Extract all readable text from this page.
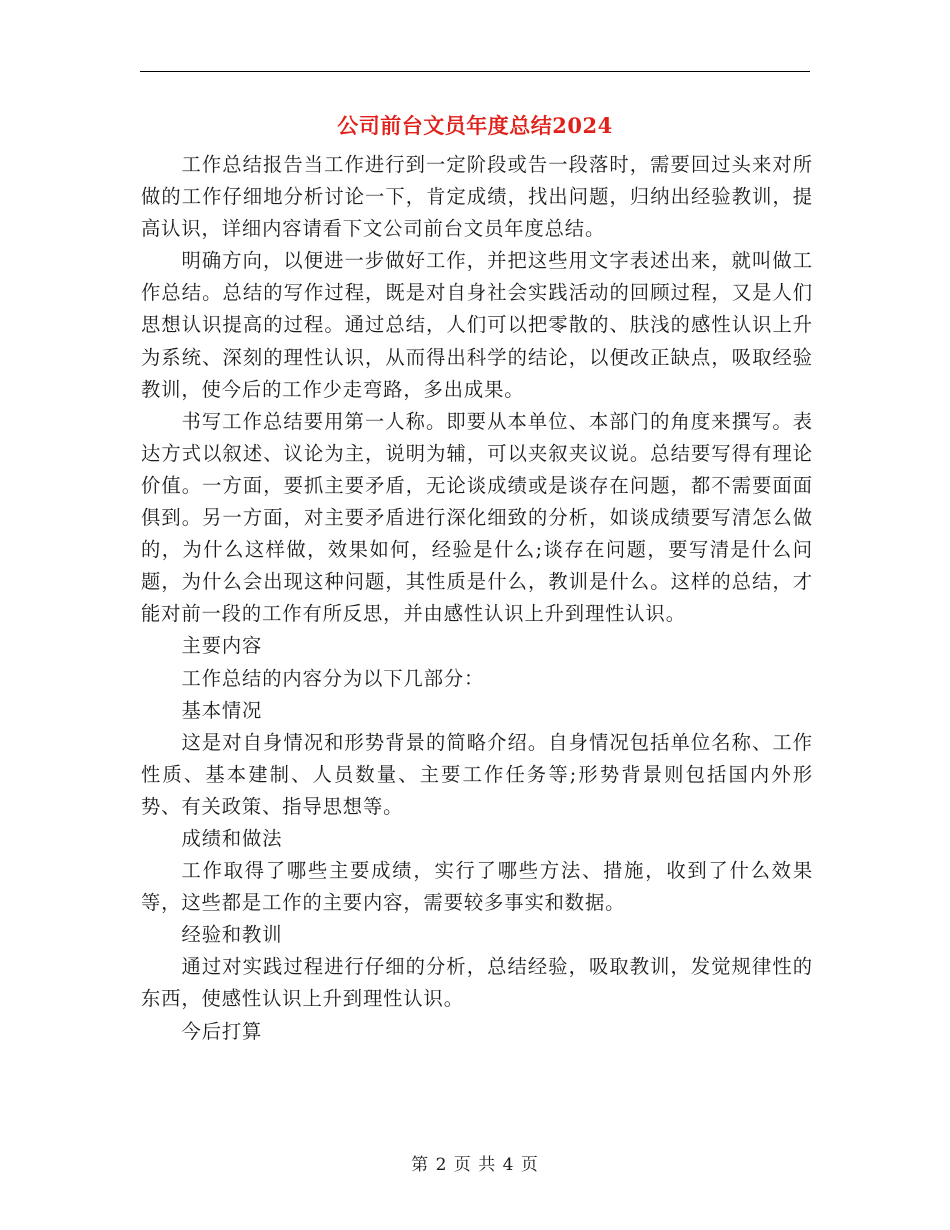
公司前台文员年度总结2024

工作总结报告当工作进行到一定阶段或告一段落时，需要回过头来对所做的工作仔细地分析讨论一下，肯定成绩，找出问题，归纳出经验教训，提高认识，详细内容请看下文公司前台文员年度总结。

明确方向，以便进一步做好工作，并把这些用文字表述出来，就叫做工作总结。总结的写作过程，既是对自身社会实践活动的回顾过程，又是人们思想认识提高的过程。通过总结，人们可以把零散的、肤浅的感性认识上升为系统、深刻的理性认识，从而得出科学的结论，以便改正缺点，吸取经验教训，使今后的工作少走弯路，多出成果。

书写工作总结要用第一人称。即要从本单位、本部门的角度来撰写。表达方式以叙述、议论为主，说明为辅，可以夹叙夹议说。总结要写得有理论价值。一方面，要抓主要矛盾，无论谈成绩或是谈存在问题，都不需要面面俱到。另一方面，对主要矛盾进行深化细致的分析，如谈成绩要写清怎么做的，为什么这样做，效果如何，经验是什么;谈存在问题，要写清是什么问题，为什么会出现这种问题，其性质是什么，教训是什么。这样的总结，才能对前一段的工作有所反思，并由感性认识上升到理性认识。

主要内容

工作总结的内容分为以下几部分：

基本情况

这是对自身情况和形势背景的简略介绍。自身情况包括单位名称、工作性质、基本建制、人员数量、主要工作任务等;形势背景则包括国内外形势、有关政策、指导思想等。

成绩和做法

工作取得了哪些主要成绩，实行了哪些方法、措施，收到了什么效果等，这些都是工作的主要内容，需要较多事实和数据。

经验和教训

通过对实践过程进行仔细的分析，总结经验，吸取教训，发觉规律性的东西，使感性认识上升到理性认识。

今后打算

第 2 页 共 4 页
